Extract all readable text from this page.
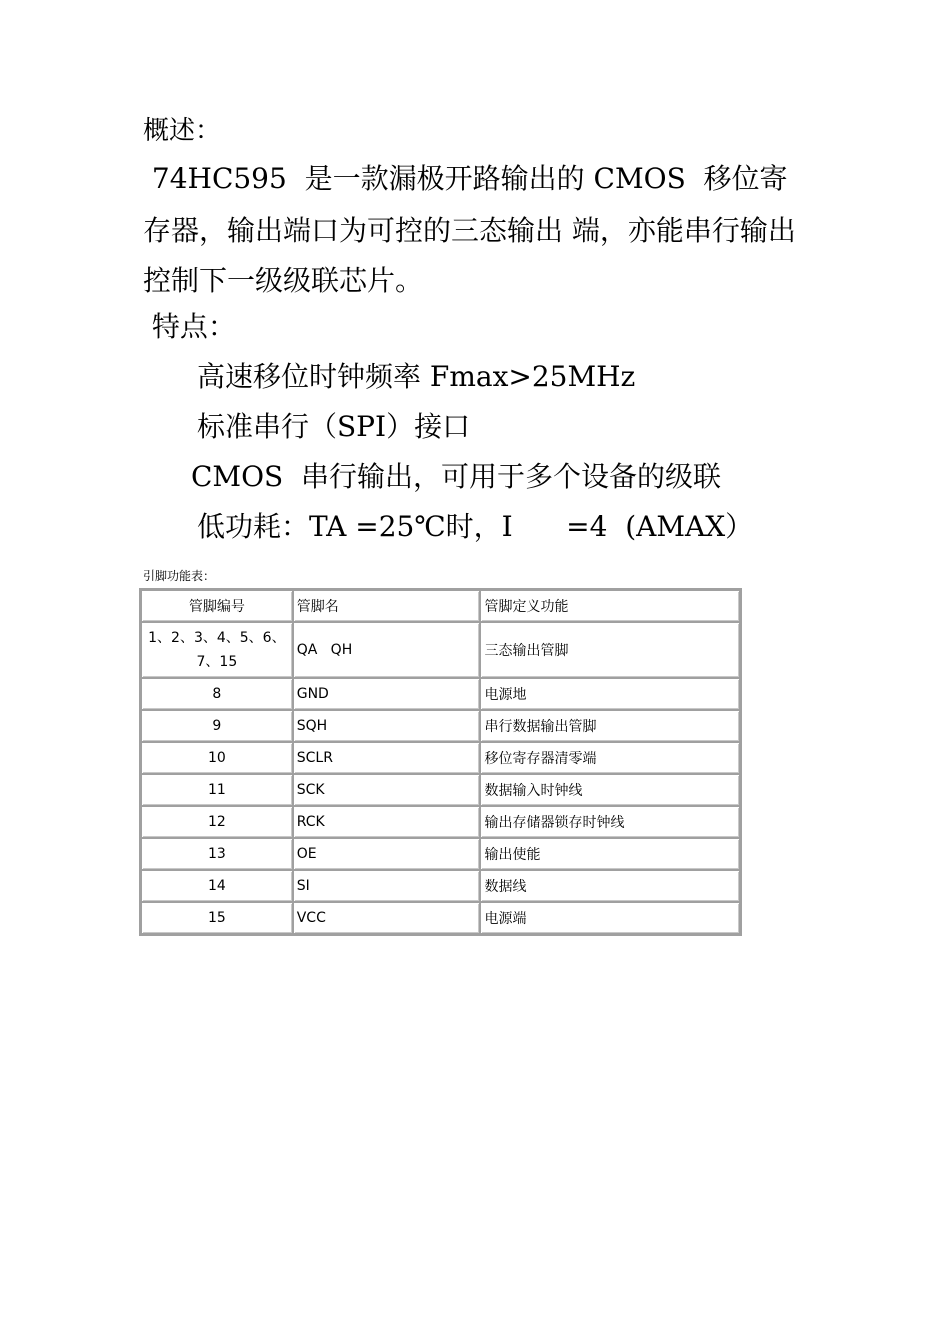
概述：
74HC595  是一款漏极开路输出的 CMOS  移位寄
存器，输出端口为可控的三态输出 端，亦能串行输出
控制下一级级联芯片。
特点：
高速移位时钟频率 Fmax>25MHz
标准串行（SPI）接口
CMOS  串行输出，可用于多个设备的级联
低功耗：TA =25℃时，I      =4  (AMAX）
引脚功能表：
管脚编号	管脚名	管脚定义功能

1、2、3、4、5、6、
7、15	QA   QH	三态输出管脚
8	GND	电源地
9	SQH	串行数据输出管脚
10	SCLR	移位寄存器清零端
11	SCK	数据输入时钟线
12	RCK	输出存储器锁存时钟线
13	OE	输出使能
14	SI	数据线
15	VCC	电源端
